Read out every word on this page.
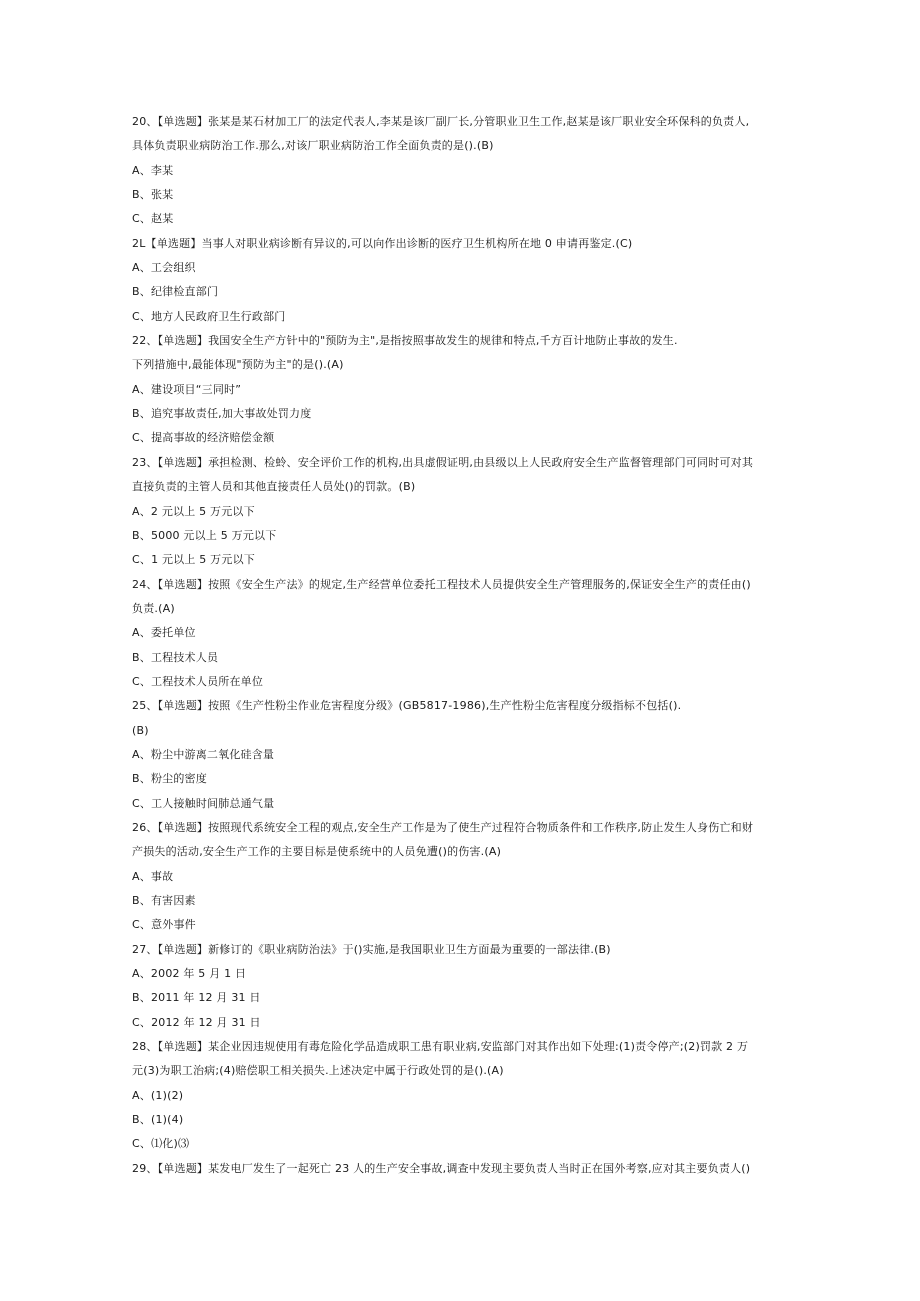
20、【单选题】张某是某石材加工厂的法定代表人,李某是该厂副厂长,分管职业卫生工作,赵某是该厂职业安全环保科的负责人,
具体负责职业病防治工作.那么,对该厂职业病防治工作全面负责的是().(B)
A、李某
B、张某
C、赵某
2L【单选题】当事人对职业病诊断有异议的,可以向作出诊断的医疗卫生机构所在地 0 申请再鉴定.(C)
A、工会组织
B、纪律检直部门
C、地方人民政府卫生行政部门
22、【单选题】我国安全生产方针中的"预防为主",是指按照事故发生的规律和特点,千方百计地防止事故的发生.
下列措施中,最能体现"预防为主"的是().(A)
A、建设项目“三同时”
B、追究事故责任,加大事故处罚力度
C、提高事故的经济赔偿金额
23、【单选题】承担检测、检蛉、安全评价工作的机构,出具虚假证明,由县级以上人民政府安全生产监督管理部门可同时可对其
直接负责的主管人员和其他直接责任人员处()的罚款。(B)
A、2 元以上 5 万元以下
B、5000 元以上 5 万元以下
C、1 元以上 5 万元以下
24、【单选题】按照《安全生产法》的规定,生产经营单位委托工程技术人员提供安全生产管理服务的,保证安全生产的责任由()
负责.(A)
A、委托单位
B、工程技术人员
C、工程技术人员所在单位
25、【单选题】按照《生产性粉尘作业危害程度分级》(GB5817-1986),生产性粉尘危害程度分级指标不包括().
(B)
A、粉尘中游离二氧化硅含量
B、粉尘的密度
C、工人接触时间肺总通气量
26、【单选题】按照现代系统安全工程的观点,安全生产工作是为了使生产过程符合物质条件和工作秩序,防止发生人身伤亡和财
产损失的活动,安全生产工作的主要目标是使系统中的人员免遭()的伤害.(A)
A、事故
B、有害因素
C、意外事件
27、【单选题】新修订的《职业病防治法》于()实施,是我国职业卫生方面最为重要的一部法律.(B)
A、2002 年 5 月 1 日
B、2011 年 12 月 31 日
C、2012 年 12 月 31 日
28、【单选题】某企业因违规使用有毒危险化学品造成职工患有职业病,安监部门对其作出如下处理:(1)责令停产;(2)罚款 2 万
元(3)为职工治病;(4)赔偿职工相关损失.上述决定中属于行政处罚的是().(A)
A、(1)(2)
B、(1)(4)
C、⑴化)⑶
29、【单选题】某发电厂发生了一起死亡 23 人的生产安全事故,调查中发现主要负责人当时正在国外考察,应对其主要负责人()
